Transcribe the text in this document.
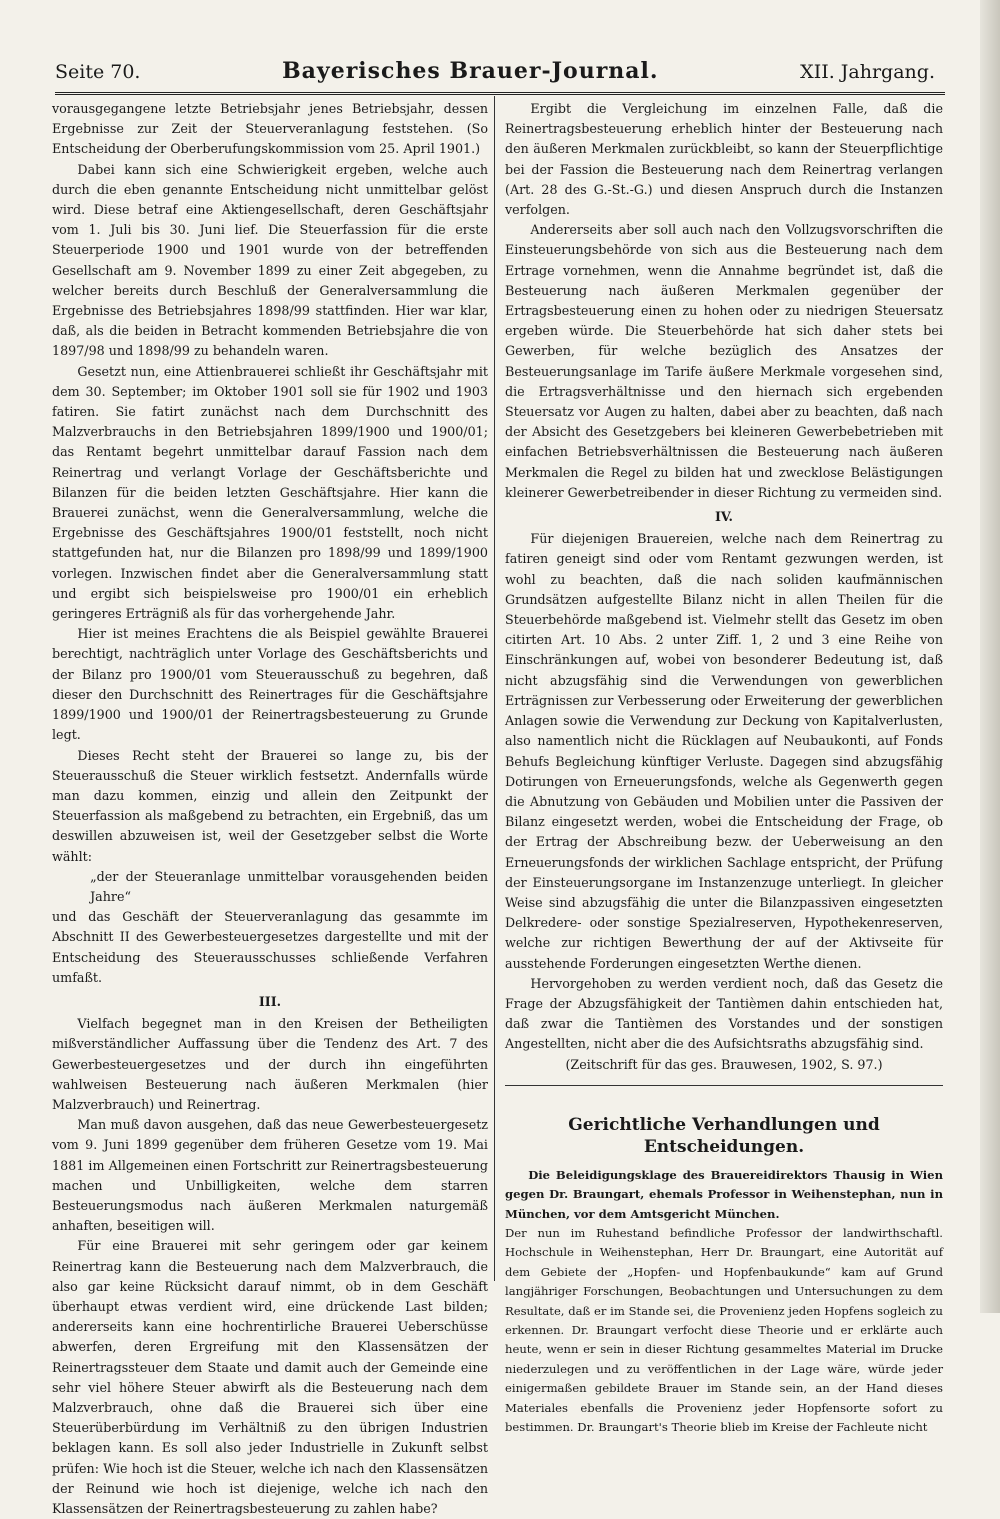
Seite 70.	Bayerisches Brauer-Journal.	XII. Jahrgang.

vorausgegangene letzte Betriebsjahr jenes Betriebsjahr, dessen Ergebnisse zur Zeit der Steuerveranlagung feststehen. (So Entscheidung der Oberberufungskommission vom 25. April 1901.)

Dabei kann sich eine Schwierigkeit ergeben, welche auch durch die eben genannte Entscheidung nicht unmittelbar gelöst wird. Diese betraf eine Aktiengesellschaft, deren Geschäftsjahr vom 1. Juli bis 30. Juni lief. Die Steuerfassion für die erste Steuerperiode 1900 und 1901 wurde von der betreffenden Gesellschaft am 9. November 1899 zu einer Zeit abgegeben, zu welcher bereits durch Beschluß der Generalversammlung die Ergebnisse des Betriebsjahres 1898/99 stattfinden. Hier war klar, daß, als die beiden in Betracht kommenden Betriebsjahre die von 1897/98 und 1898/99 zu behandeln waren.

Gesetzt nun, eine Attienbrauerei schließt ihr Geschäftsjahr mit dem 30. September; im Oktober 1901 soll sie für 1902 und 1903 fatiren. Sie fatirt zunächst nach dem Durchschnitt des Malzverbrauchs in den Betriebsjahren 1899/1900 und 1900/01; das Rentamt begehrt unmittelbar darauf Fassion nach dem Reinertrag und verlangt Vorlage der Geschäftsberichte und Bilanzen für die beiden letzten Geschäftsjahre. Hier kann die Brauerei zunächst, wenn die Generalversammlung, welche die Ergebnisse des Geschäftsjahres 1900/01 feststellt, noch nicht stattgefunden hat, nur die Bilanzen pro 1898/99 und 1899/1900 vorlegen. Inzwischen findet aber die Generalversammlung statt und ergibt sich beispielsweise pro 1900/01 ein erheblich geringeres Erträgniß als für das vorhergehende Jahr.

Hier ist meines Erachtens die als Beispiel gewählte Brauerei berechtigt, nachträglich unter Vorlage des Geschäftsberichts und der Bilanz pro 1900/01 vom Steuerausschuß zu begehren, daß dieser den Durchschnitt des Reinertrages für die Geschäftsjahre 1899/1900 und 1900/01 der Reinertragsbesteuerung zu Grunde legt.

Dieses Recht steht der Brauerei so lange zu, bis der Steuerausschuß die Steuer wirklich festsetzt. Andernfalls würde man dazu kommen, einzig und allein den Zeitpunkt der Steuerfassion als maßgebend zu betrachten, ein Ergebniß, das um deswillen abzuweisen ist, weil der Gesetzgeber selbst die Worte wählt:

„der der Steueranlage unmittelbar vorausgehenden beiden Jahre“

und das Geschäft der Steuerveranlagung das gesammte im Abschnitt II des Gewerbesteuergesetzes dargestellte und mit der Entscheidung des Steuerausschusses schließende Verfahren umfaßt.

III.

Vielfach begegnet man in den Kreisen der Betheiligten mißverständlicher Auffassung über die Tendenz des Art. 7 des Gewerbesteuergesetzes und der durch ihn eingeführten wahlweisen Besteuerung nach äußeren Merkmalen (hier Malzverbrauch) und Reinertrag.

Man muß davon ausgehen, daß das neue Gewerbesteuergesetz vom 9. Juni 1899 gegenüber dem früheren Gesetze vom 19. Mai 1881 im Allgemeinen einen Fortschritt zur Reinertragsbesteuerung machen und Unbilligkeiten, welche dem starren Besteuerungsmodus nach äußeren Merkmalen naturgemäß anhaften, beseitigen will.

Für eine Brauerei mit sehr geringem oder gar keinem Reinertrag kann die Besteuerung nach dem Malzverbrauch, die also gar keine Rücksicht darauf nimmt, ob in dem Geschäft überhaupt etwas verdient wird, eine drückende Last bilden; andererseits kann eine hochrentirliche Brauerei Ueberschüsse abwerfen, deren Ergreifung mit den Klassensätzen der Reinertragssteuer dem Staate und damit auch der Gemeinde eine sehr viel höhere Steuer abwirft als die Besteuerung nach dem Malzverbrauch, ohne daß die Brauerei sich über eine Steuerüberbürdung im Verhältniß zu den übrigen Industrien beklagen kann. Es soll also jeder Industrielle in Zukunft selbst prüfen: Wie hoch ist die Steuer, welche ich nach den Klassensätzen der Reinund wie hoch ist diejenige, welche ich nach den Klassensätzen der Reinertragsbesteuerung zu zahlen habe?

Ergibt die Vergleichung im einzelnen Falle, daß die Reinertragsbesteuerung erheblich hinter der Besteuerung nach den äußeren Merkmalen zurückbleibt, so kann der Steuerpflichtige bei der Fassion die Besteuerung nach dem Reinertrag verlangen (Art. 28 des G.-St.-G.) und diesen Anspruch durch die Instanzen verfolgen.

Andererseits aber soll auch nach den Vollzugsvorschriften die Einsteuerungsbehörde von sich aus die Besteuerung nach dem Ertrage vornehmen, wenn die Annahme begründet ist, daß die Besteuerung nach äußeren Merkmalen gegenüber der Ertragsbesteuerung einen zu hohen oder zu niedrigen Steuersatz ergeben würde. Die Steuerbehörde hat sich daher stets bei Gewerben, für welche bezüglich des Ansatzes der Besteuerungsanlage im Tarife äußere Merkmale vorgesehen sind, die Ertragsverhältnisse und den hiernach sich ergebenden Steuersatz vor Augen zu halten, dabei aber zu beachten, daß nach der Absicht des Gesetzgebers bei kleineren Gewerbebetrieben mit einfachen Betriebsverhältnissen die Besteuerung nach äußeren Merkmalen die Regel zu bilden hat und zwecklose Belästigungen kleinerer Gewerbetreibender in dieser Richtung zu vermeiden sind.

IV.

Für diejenigen Brauereien, welche nach dem Reinertrag zu fatiren geneigt sind oder vom Rentamt gezwungen werden, ist wohl zu beachten, daß die nach soliden kaufmännischen Grundsätzen aufgestellte Bilanz nicht in allen Theilen für die Steuerbehörde maßgebend ist. Vielmehr stellt das Gesetz im oben citirten Art. 10 Abs. 2 unter Ziff. 1, 2 und 3 eine Reihe von Einschränkungen auf, wobei von besonderer Bedeutung ist, daß nicht abzugsfähig sind die Verwendungen von gewerblichen Erträgnissen zur Verbesserung oder Erweiterung der gewerblichen Anlagen sowie die Verwendung zur Deckung von Kapitalverlusten, also namentlich nicht die Rücklagen auf Neubaukonti, auf Fonds Behufs Begleichung künftiger Verluste. Dagegen sind abzugsfähig Dotirungen von Erneuerungsfonds, welche als Gegenwerth gegen die Abnutzung von Gebäuden und Mobilien unter die Passiven der Bilanz eingesetzt werden, wobei die Entscheidung der Frage, ob der Ertrag der Abschreibung bezw. der Ueberweisung an den Erneuerungsfonds der wirklichen Sachlage entspricht, der Prüfung der Einsteuerungsorgane im Instanzenzuge unterliegt. In gleicher Weise sind abzugsfähig die unter die Bilanzpassiven eingesetzten Delkredere- oder sonstige Spezialreserven, Hypothekenreserven, welche zur richtigen Bewerthung der auf der Aktivseite für ausstehende Forderungen eingesetzten Werthe dienen.

Hervorgehoben zu werden verdient noch, daß das Gesetz die Frage der Abzugsfähigkeit der Tantièmen dahin entschieden hat, daß zwar die Tantièmen des Vorstandes und der sonstigen Angestellten, nicht aber die des Aufsichtsraths abzugsfähig sind.

(Zeitschrift für das ges. Brauwesen, 1902, S. 97.)

Gerichtliche Verhandlungen und Entscheidungen.

Die Beleidigungsklage des Brauereidirektors Thausig in Wien gegen Dr. Braungart, ehemals Professor in Weihenstephan, nun in München, vor dem Amtsgericht München.

Der nun im Ruhestand befindliche Professor der landwirthschaftl. Hochschule in Weihenstephan, Herr Dr. Braungart, eine Autorität auf dem Gebiete der „Hopfen- und Hopfenbaukunde“ kam auf Grund langjähriger Forschungen, Beobachtungen und Untersuchungen zu dem Resultate, daß er im Stande sei, die Provenienz jeden Hopfens sogleich zu erkennen. Dr. Braungart verfocht diese Theorie und er erklärte auch heute, wenn er sein in dieser Richtung gesammeltes Material im Drucke niederzulegen und zu veröffentlichen in der Lage wäre, würde jeder einigermaßen gebildete Brauer im Stande sein, an der Hand dieses Materiales ebenfalls die Provenienz jeder Hopfensorte sofort zu bestimmen. Dr. Braungart's Theorie blieb im Kreise der Fachleute nicht
